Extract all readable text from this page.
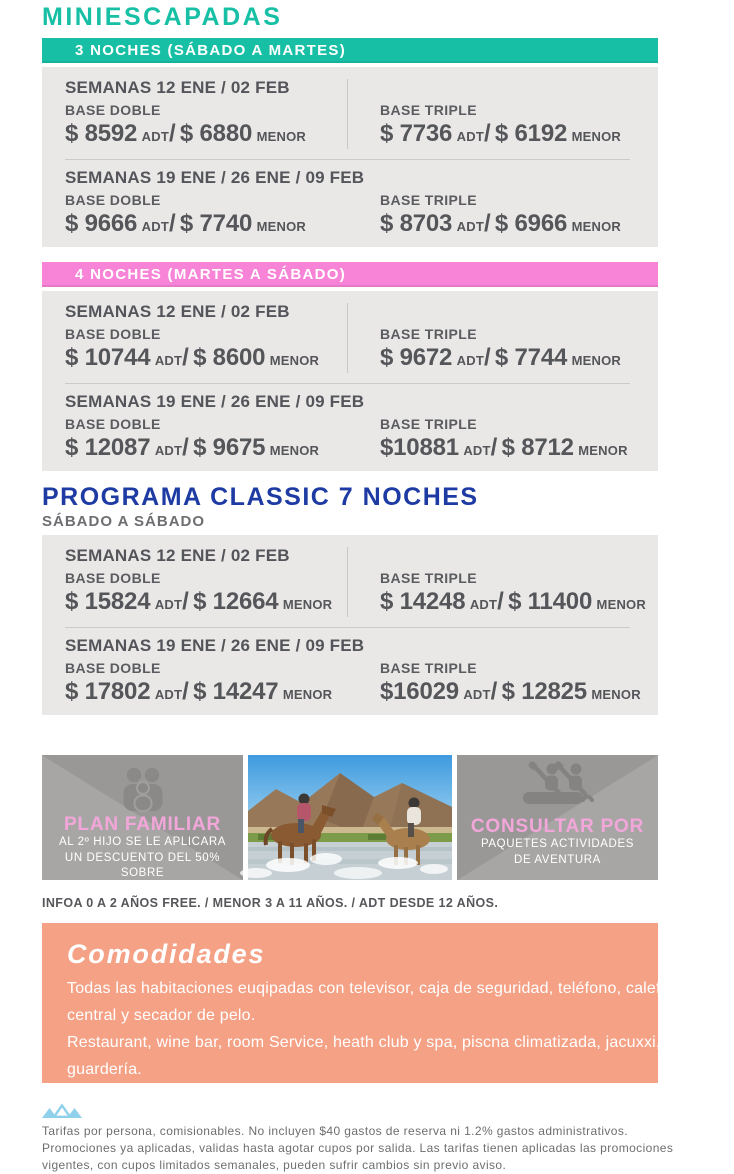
MINIESCAPADAS
3 NOCHES (SÁBADO A MARTES)
SEMANAS 12 ENE / 02 FEB
BASE DOBLE
$ 8592 ADT/ $ 6880 MENOR
BASE TRIPLE
$ 7736 ADT/ $ 6192 MENOR
SEMANAS 19 ENE / 26 ENE / 09 FEB
BASE DOBLE
$ 9666 ADT/ $ 7740 MENOR
BASE TRIPLE
$ 8703 ADT/ $ 6966 MENOR
4 NOCHES (MARTES A SÁBADO)
SEMANAS 12 ENE / 02 FEB
BASE DOBLE
$ 10744 ADT/ $ 8600 MENOR
BASE TRIPLE
$ 9672 ADT/ $ 7744 MENOR
SEMANAS 19 ENE / 26 ENE / 09 FEB
BASE DOBLE
$ 12087 ADT/ $ 9675 MENOR
BASE TRIPLE
$10881 ADT/ $ 8712 MENOR
PROGRAMA CLASSIC 7 NOCHES
SÁBADO A SÁBADO
SEMANAS 12 ENE / 02 FEB
BASE DOBLE
$ 15824 ADT/ $ 12664 MENOR
BASE TRIPLE
$ 14248 ADT/ $ 11400 MENOR
SEMANAS 19 ENE / 26 ENE / 09 FEB
BASE DOBLE
$ 17802 ADT/ $ 14247 MENOR
BASE TRIPLE
$16029 ADT/ $ 12825 MENOR
PLAN FAMILIAR
AL 2º HIJO SE LE APLICARA
UN DESCUENTO DEL 50% SOBRE
LA TARIFA DE ADULTO.
CONSULTAR POR
PAQUETES ACTIVIDADES
DE AVENTURA
INFOA 0 A 2 AÑOS FREE. / MENOR 3 A 11 AÑOS. / ADT DESDE 12 AÑOS.
Comodidades
Todas las habitaciones euqipadas con televisor, caja de seguridad, teléfono, calefacción
central y secador de pelo.
Restaurant, wine bar, room Service, heath club y spa, piscna climatizada, jacuxxi, kids club,
guardería.
Tarifas por persona, comisionables. No incluyen $40 gastos de reserva ni 1.2% gastos administrativos.
Promociones ya aplicadas, validas hasta agotar cupos por salida. Las tarifas tienen aplicadas las promociones
vigentes, con cupos limitados semanales, pueden sufrir cambios sin previo aviso.
